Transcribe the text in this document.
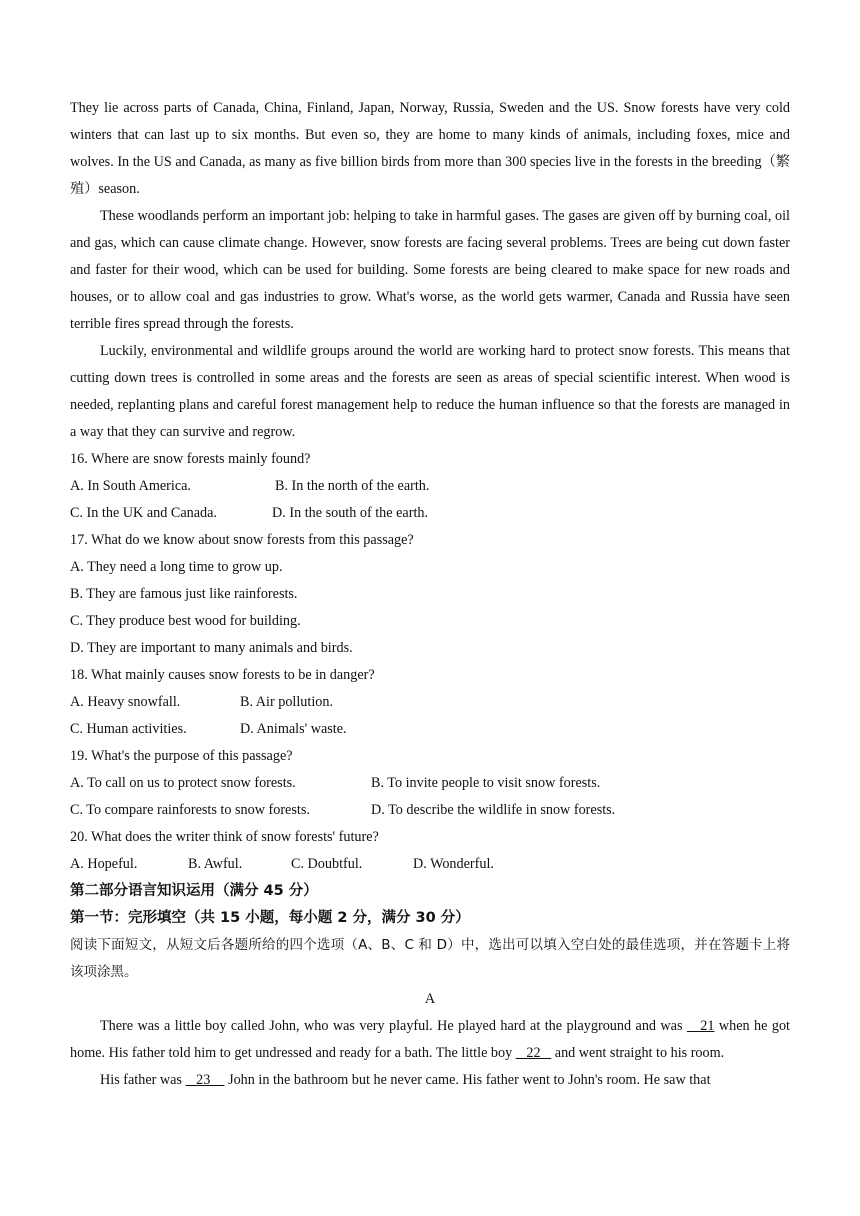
They lie across parts of Canada, China, Finland, Japan, Norway, Russia, Sweden and the US. Snow forests have very cold winters that can last up to six months. But even so, they are home to many kinds of animals, including foxes, mice and wolves. In the US and Canada, as many as five billion birds from more than 300 species live in the forests in the breeding（繁殖）season.

These woodlands perform an important job: helping to take in harmful gases. The gases are given off by burning coal, oil and gas, which can cause climate change. However, snow forests are facing several problems. Trees are being cut down faster and faster for their wood, which can be used for building. Some forests are being cleared to make space for new roads and houses, or to allow coal and gas industries to grow. What's worse, as the world gets warmer, Canada and Russia have seen terrible fires spread through the forests.

Luckily, environmental and wildlife groups around the world are working hard to protect snow forests. This means that cutting down trees is controlled in some areas and the forests are seen as areas of special scientific interest. When wood is needed, replanting plans and careful forest management help to reduce the human influence so that the forests are managed in a way that they can survive and regrow.

16. Where are snow forests mainly found?

A. In South America.	B. In the north of the earth.
C. In the UK and Canada.	D. In the south of the earth.

17. What do we know about snow forests from this passage?

A. They need a long time to grow up.

B. They are famous just like rainforests.

C. They produce best wood for building.

D. They are important to many animals and birds.

18. What mainly causes snow forests to be in danger?

A. Heavy snowfall.	B. Air pollution.
C. Human activities.	D. Animals' waste.

19. What's the purpose of this passage?

A. To call on us to protect snow forests.	B. To invite people to visit snow forests.
C. To compare rainforests to snow forests.	D. To describe the wildlife in snow forests.

20. What does the writer think of snow forests' future?

A. Hopeful.	B. Awful.	C. Doubtful.	D. Wonderful.

第二部分语言知识运用（满分 45 分）

第一节：完形填空（共 15 小题，每小题 2 分，满分 30 分）

阅读下面短文，从短文后各题所给的四个选项（A、B、C 和 D）中，选出可以填入空白处的最佳选项，并在答题卡上将该项涂黑。

A

There was a little boy called John, who was very playful. He played hard at the playground and was    21 when he got home. His father told him to get undressed and ready for a bath. The little boy    22    and went straight to his room.

His father was    23     John in the bathroom but he never came. His father went to John's room. He saw that
